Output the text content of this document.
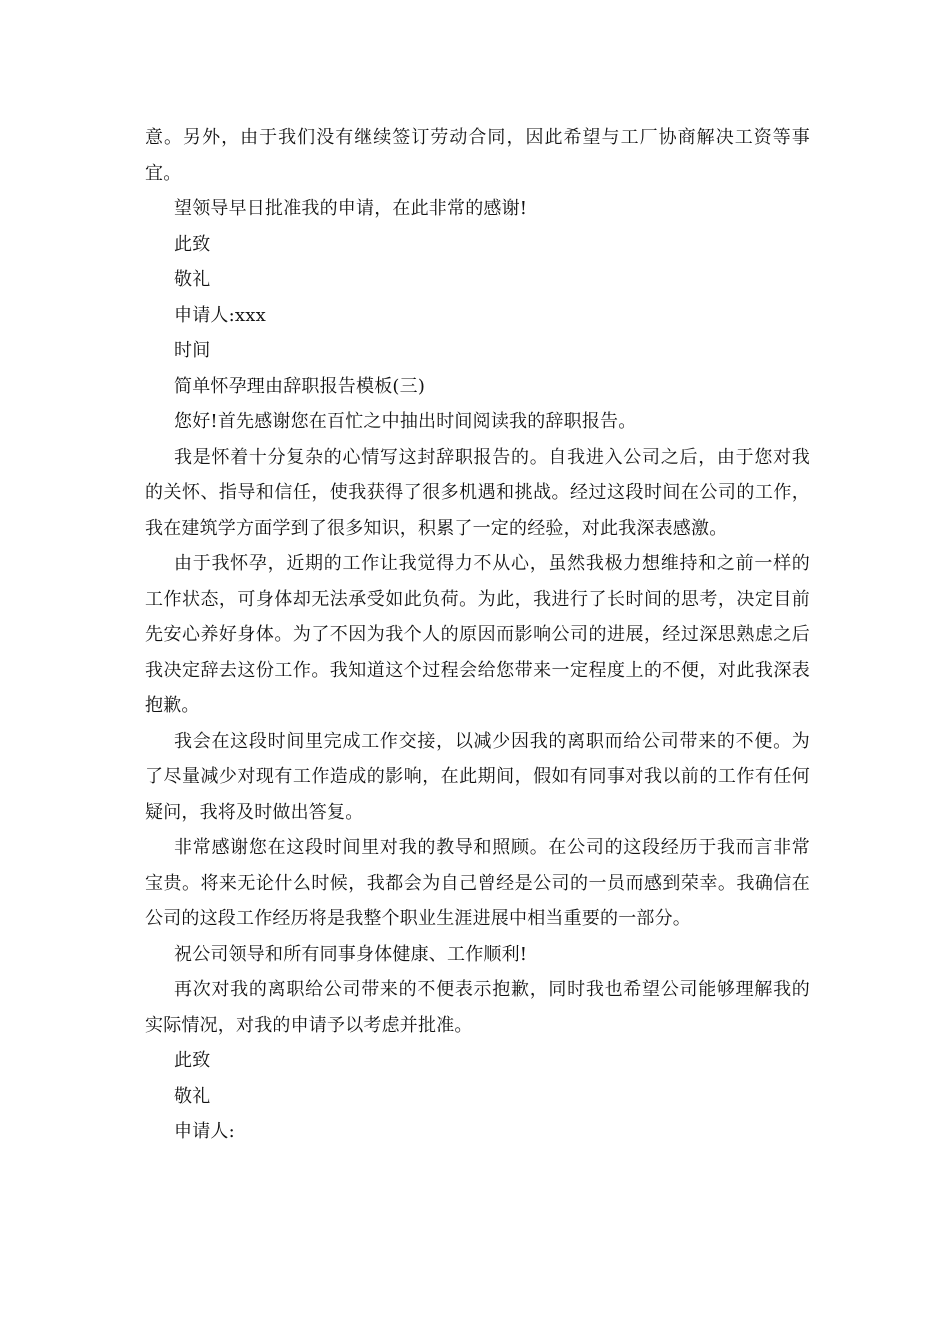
意。另外，由于我们没有继续签订劳动合同，因此希望与工厂协商解决工资等事宜。

望领导早日批准我的申请，在此非常的感谢!

此致

敬礼

申请人:xxx

时间

简单怀孕理由辞职报告模板(三)

您好!首先感谢您在百忙之中抽出时间阅读我的辞职报告。

我是怀着十分复杂的心情写这封辞职报告的。自我进入公司之后，由于您对我的关怀、指导和信任，使我获得了很多机遇和挑战。经过这段时间在公司的工作，我在建筑学方面学到了很多知识，积累了一定的经验，对此我深表感激。

由于我怀孕，近期的工作让我觉得力不从心，虽然我极力想维持和之前一样的工作状态，可身体却无法承受如此负荷。为此，我进行了长时间的思考，决定目前先安心养好身体。为了不因为我个人的原因而影响公司的进展，经过深思熟虑之后我决定辞去这份工作。我知道这个过程会给您带来一定程度上的不便，对此我深表抱歉。

我会在这段时间里完成工作交接，以减少因我的离职而给公司带来的不便。为了尽量减少对现有工作造成的影响，在此期间，假如有同事对我以前的工作有任何疑问，我将及时做出答复。

非常感谢您在这段时间里对我的教导和照顾。在公司的这段经历于我而言非常宝贵。将来无论什么时候，我都会为自己曾经是公司的一员而感到荣幸。我确信在公司的这段工作经历将是我整个职业生涯进展中相当重要的一部分。

祝公司领导和所有同事身体健康、工作顺利!

再次对我的离职给公司带来的不便表示抱歉，同时我也希望公司能够理解我的实际情况，对我的申请予以考虑并批准。

此致

敬礼

申请人:
